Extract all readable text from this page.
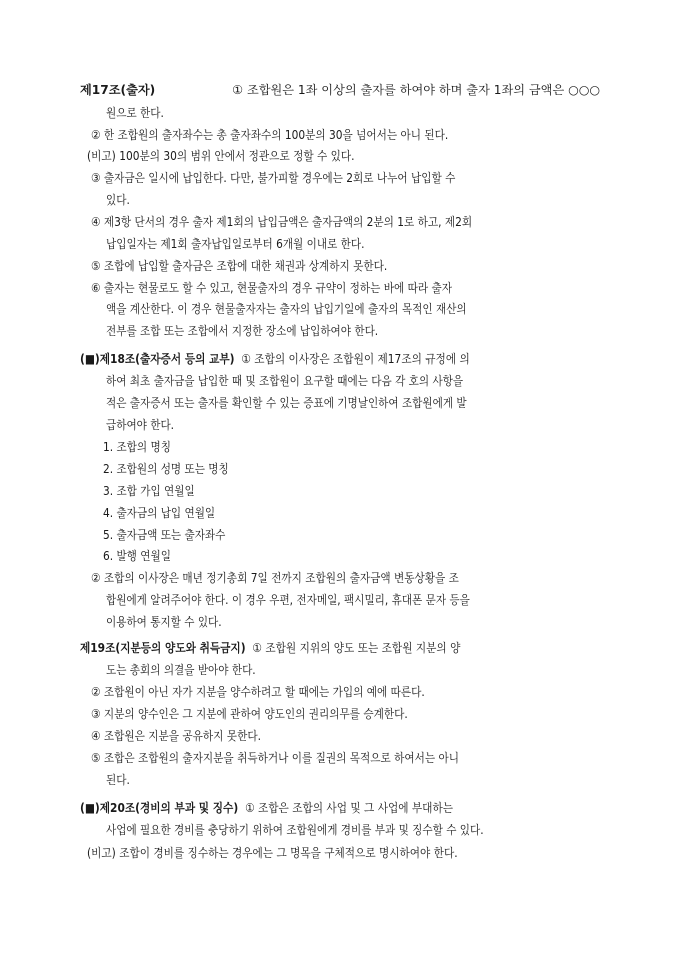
제17조(출자)	① 조합원은 1좌 이상의 출자를 하여야 하며 출자 1좌의 금액은 ○○○
원으로 한다.
② 한 조합원의 출자좌수는 총 출자좌수의 100분의 30을 넘어서는 아니 된다.
(비고) 100분의 30의 범위 안에서 정관으로 정할 수 있다.
③ 출자금은 일시에 납입한다. 다만, 불가피할 경우에는 2회로 나누어 납입할 수
있다.
④ 제3항 단서의 경우 출자 제1회의 납입금액은 출자금액의 2분의 1로 하고, 제2회
납입일자는 제1회 출자납입일로부터 6개월 이내로 한다.
⑤ 조합에 납입할 출자금은 조합에 대한 채권과 상계하지 못한다.
⑥ 출자는 현물로도 할 수 있고, 현물출자의 경우 규약이 정하는 바에 따라 출자
액을 계산한다. 이 경우 현물출자자는 출자의 납입기일에 출자의 목적인 재산의
전부를 조합 또는 조합에서 지정한 장소에 납입하여야 한다.
(■)제18조(출자증서 등의 교부) ① 조합의 이사장은 조합원이 제17조의 규정에 의
하여 최초 출자금을 납입한 때 및 조합원이 요구할 때에는 다음 각 호의 사항을
적은 출자증서 또는 출자를 확인할 수 있는 증표에 기명날인하여 조합원에게 발
급하여야 한다.
1. 조합의 명칭
2. 조합원의 성명 또는 명칭
3. 조합 가입 연월일
4. 출자금의 납입 연월일
5. 출자금액 또는 출자좌수
6. 발행 연월일
② 조합의 이사장은 매년 정기총회 7일 전까지 조합원의 출자금액 변동상황을 조
합원에게 알려주어야 한다. 이 경우 우편, 전자메일, 팩시밀리, 휴대폰 문자 등을
이용하여 통지할 수 있다.
제19조(지분등의 양도와 취득금지) ① 조합원 지위의 양도 또는 조합원 지분의 양
도는 총회의 의결을 받아야 한다.
② 조합원이 아닌 자가 지분을 양수하려고 할 때에는 가입의 예에 따른다.
③ 지분의 양수인은 그 지분에 관하여 양도인의 권리의무를 승계한다.
④ 조합원은 지분을 공유하지 못한다.
⑤ 조합은 조합원의 출자지분을 취득하거나 이를 질권의 목적으로 하여서는 아니
된다.
(■)제20조(경비의 부과 및 징수) ① 조합은 조합의 사업 및 그 사업에 부대하는
사업에 필요한 경비를 충당하기 위하여 조합원에게 경비를 부과 및 징수할 수 있다.
(비고) 조합이 경비를 징수하는 경우에는 그 명목을 구체적으로 명시하여야 한다.
